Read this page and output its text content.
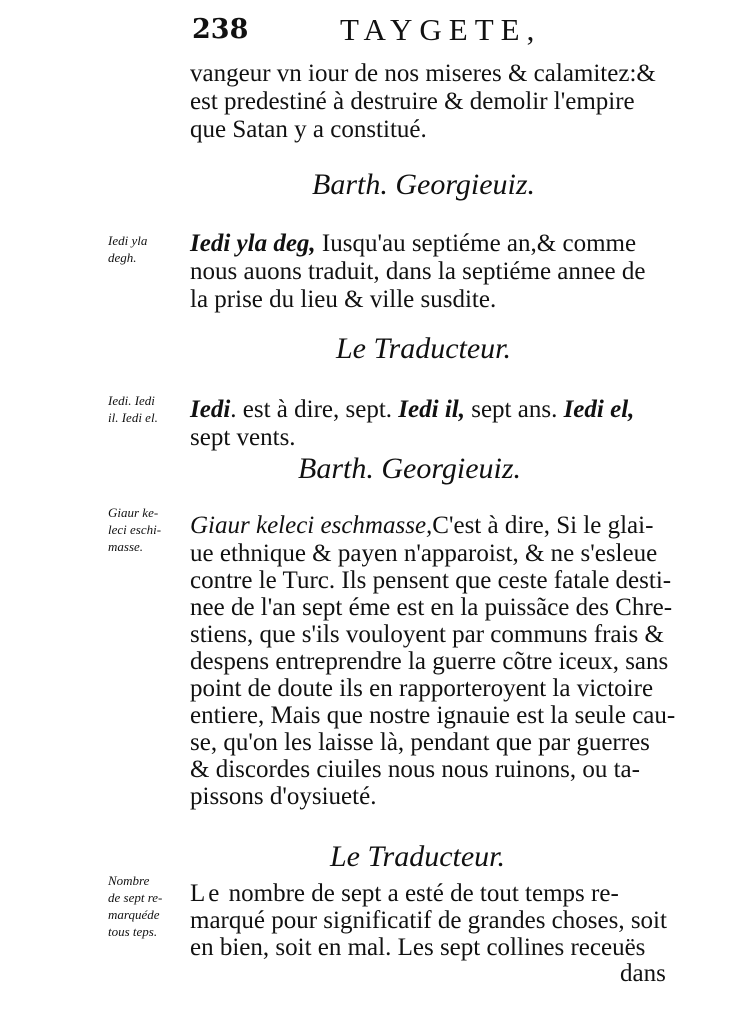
238	TAYGETE,
vangeur vn iour de nos miseres & calamitez:&
est predestiné à destruire & demolir l'empire
que Satan y a constitué.
Barth. Georgieuiz.
Iedi yla
degh.
Iedi yla deg, Iusqu'au septiéme an,& comme
nous auons traduit, dans la septiéme annee de
la prise du lieu & ville susdite.
Le Traducteur.
Iedi. Iedi
il. Iedi el. Iedi. est à dire, sept. Iedi il, sept ans. Iedi el,
sept vents.
Barth. Georgieuiz.
Giaur ke-
leci eschi-
masse.
Giaur keleci eschmasse,C'est à dire, Si le glai-
ue ethnique & payen n'apparoist, & ne s'esleue
contre le Turc. Ils pensent que ceste fatale desti-
nee de l'an sept éme est en la puissãce des Chre-
stiens, que s'ils vouloyent par communs frais &
despens entreprendre la guerre cõtre iceux, sans
point de doute ils en rapporteroyent la victoire
entiere, Mais que nostre ignauie est la seule cau-
se, qu'on les laisse là, pendant que par guerres
& discordes ciuiles nous nous ruinons, ou ta-
pissons d'oysiueté.
Le Traducteur.
Nombre
de sept re-
marquéde
tous teps.
Le nombre de sept a esté de tout temps re-
marqué pour significatif de grandes choses, soit
en bien, soit en mal. Les sept collines receuës
dans
